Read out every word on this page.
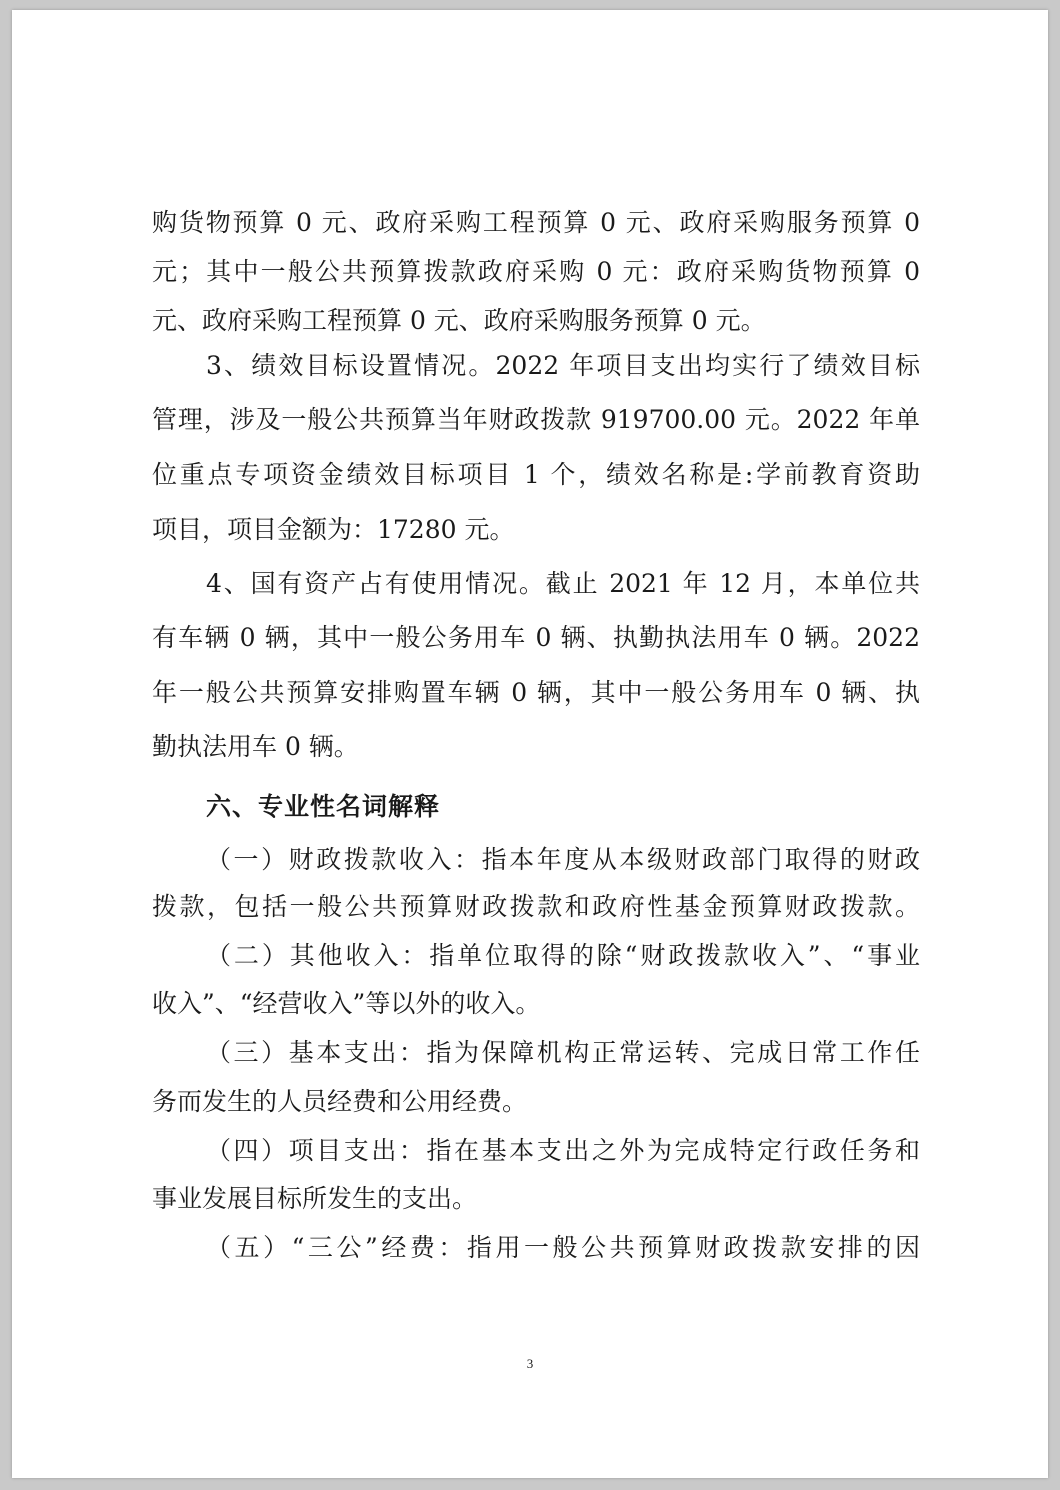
购货物预算 0 元、政府采购工程预算 0 元、政府采购服务预算 0
元；其中一般公共预算拨款政府采购 0 元：政府采购货物预算 0
元、政府采购工程预算 0 元、政府采购服务预算 0 元。
3、绩效目标设置情况。2022 年项目支出均实行了绩效目标
管理，涉及一般公共预算当年财政拨款 919700.00 元。2022 年单
位重点专项资金绩效目标项目 1 个，绩效名称是:学前教育资助
项目，项目金额为：17280 元。
4、国有资产占有使用情况。截止 2021 年 12 月，本单位共
有车辆 0 辆，其中一般公务用车 0 辆、执勤执法用车 0 辆。2022
年一般公共预算安排购置车辆 0 辆，其中一般公务用车 0 辆、执
勤执法用车 0 辆。
六、专业性名词解释
（一）财政拨款收入：指本年度从本级财政部门取得的财政
拨款，包括一般公共预算财政拨款和政府性基金预算财政拨款。
（二）其他收入：指单位取得的除“财政拨款收入”、“事业
收入”、“经营收入”等以外的收入。
（三）基本支出：指为保障机构正常运转、完成日常工作任
务而发生的人员经费和公用经费。
（四）项目支出：指在基本支出之外为完成特定行政任务和
事业发展目标所发生的支出。
（五）“三公”经费：指用一般公共预算财政拨款安排的因
3
